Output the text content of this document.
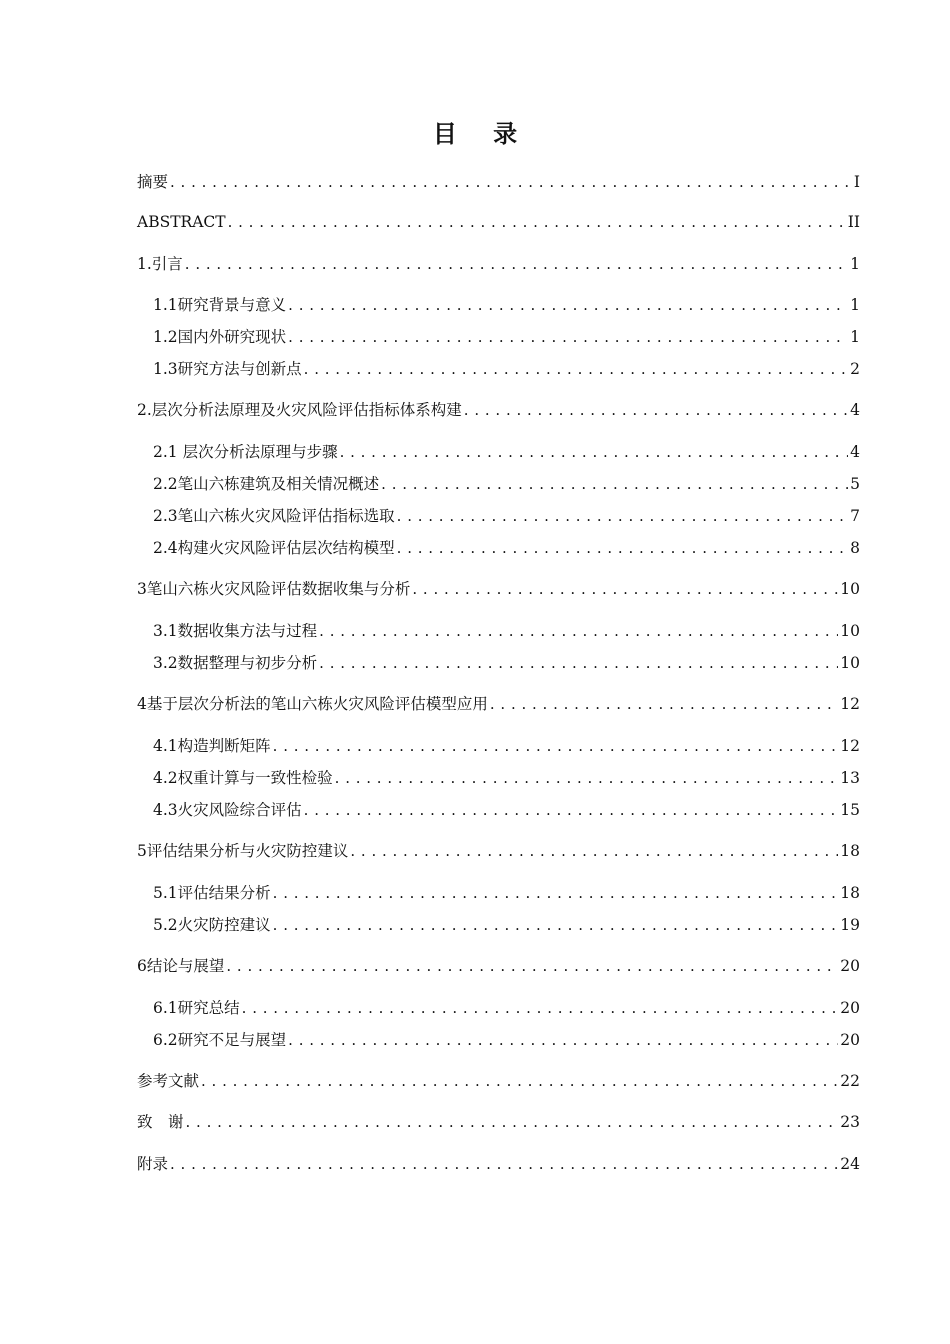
目 录
摘要 . . .	I
ABSTRACT . . .	II
1.引言 . . .	1
1.1研究背景与意义 . . .	1
1.2国内外研究现状 . . .	1
1.3研究方法与创新点 . . .	2
2.层次分析法原理及火灾风险评估指标体系构建 . . .	4
2.1 层次分析法原理与步骤 . . .	4
2.2笔山六栋建筑及相关情况概述 . . .	5
2.3笔山六栋火灾风险评估指标选取 . . .	7
2.4构建火灾风险评估层次结构模型 . . .	8
3笔山六栋火灾风险评估数据收集与分析 . . .	10
3.1数据收集方法与过程 . . .	10
3.2数据整理与初步分析 . . .	10
4基于层次分析法的笔山六栋火灾风险评估模型应用 . . .	12
4.1构造判断矩阵 . . .	12
4.2权重计算与一致性检验 . . .	13
4.3火灾风险综合评估 . . .	15
5评估结果分析与火灾防控建议 . . .	18
5.1评估结果分析 . . .	18
5.2火灾防控建议 . . .	19
6结论与展望 . . .	20
6.1研究总结 . . .	20
6.2研究不足与展望 . . .	20
参考文献 . . .	22
致　谢 . . .	23
附录 . . .	24
